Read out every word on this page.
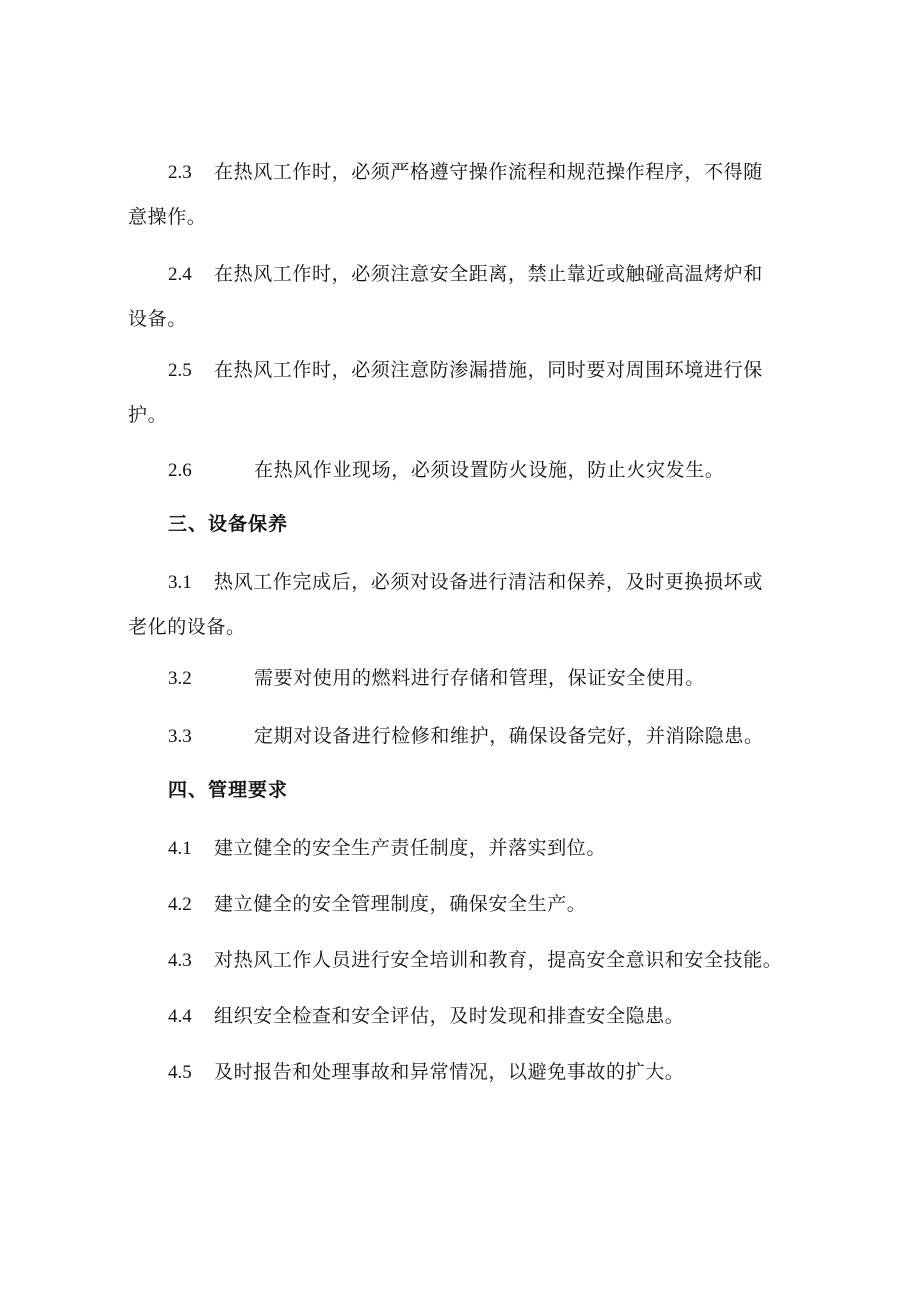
2.3 在热风工作时，必须严格遵守操作流程和规范操作程序，不得随
意操作。
2.4 在热风工作时，必须注意安全距离，禁止靠近或触碰高温烤炉和
设备。
2.5 在热风工作时，必须注意防渗漏措施，同时要对周围环境进行保
护。
2.6	在热风作业现场，必须设置防火设施，防止火灾发生。
三、设备保养
3.1 热风工作完成后，必须对设备进行清洁和保养，及时更换损坏或
老化的设备。
3.2	需要对使用的燃料进行存储和管理，保证安全使用。
3.3	定期对设备进行检修和维护，确保设备完好，并消除隐患。
四、管理要求
4.1 建立健全的安全生产责任制度，并落实到位。
4.2 建立健全的安全管理制度，确保安全生产。
4.3 对热风工作人员进行安全培训和教育，提高安全意识和安全技能。
4.4 组织安全检查和安全评估，及时发现和排查安全隐患。
4.5 及时报告和处理事故和异常情况，以避免事故的扩大。
